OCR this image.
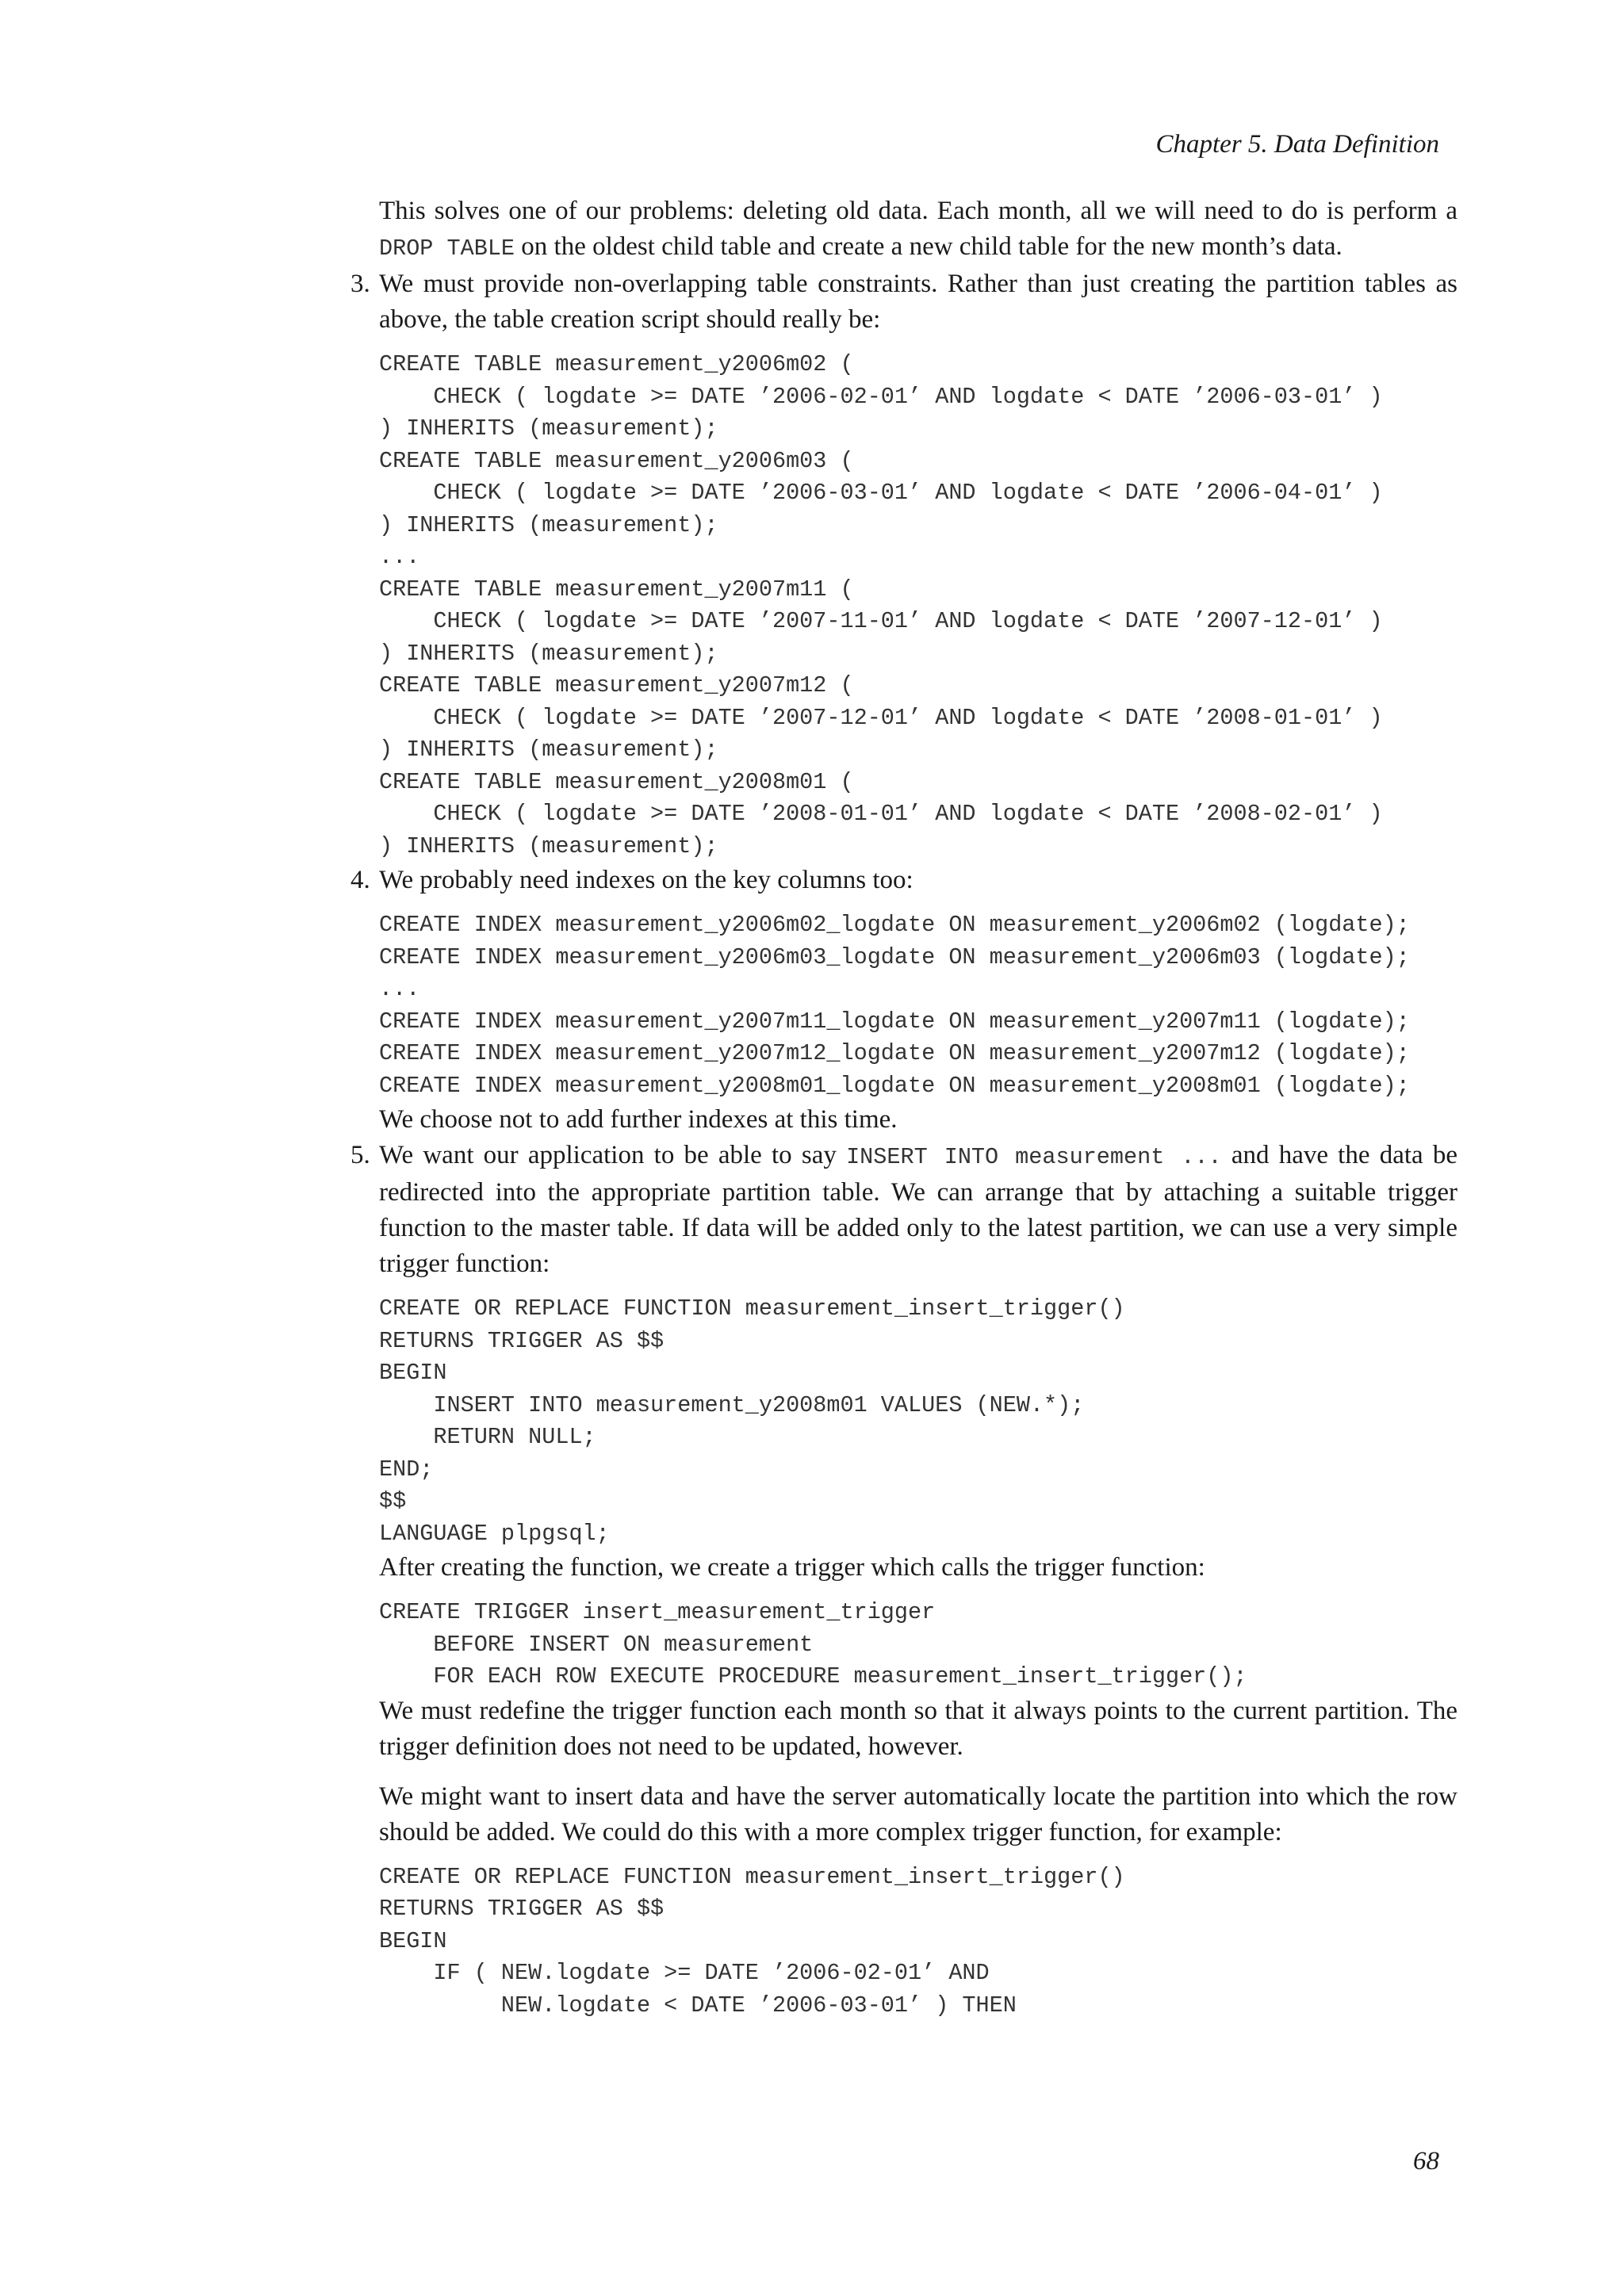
Chapter 5. Data Definition

This solves one of our problems: deleting old data. Each month, all we will need to do is perform a DROP TABLE on the oldest child table and create a new child table for the new month’s data.

3. We must provide non-overlapping table constraints. Rather than just creating the partition tables as above, the table creation script should really be:

CREATE TABLE measurement_y2006m02 (
CHECK ( logdate >= DATE ’2006-02-01’ AND logdate < DATE ’2006-03-01’ )
) INHERITS (measurement);
CREATE TABLE measurement_y2006m03 (
CHECK ( logdate >= DATE ’2006-03-01’ AND logdate < DATE ’2006-04-01’ )
) INHERITS (measurement);
...
CREATE TABLE measurement_y2007m11 (
CHECK ( logdate >= DATE ’2007-11-01’ AND logdate < DATE ’2007-12-01’ )
) INHERITS (measurement);
CREATE TABLE measurement_y2007m12 (
CHECK ( logdate >= DATE ’2007-12-01’ AND logdate < DATE ’2008-01-01’ )
) INHERITS (measurement);
CREATE TABLE measurement_y2008m01 (
CHECK ( logdate >= DATE ’2008-01-01’ AND logdate < DATE ’2008-02-01’ )
) INHERITS (measurement);
4. We probably need indexes on the key columns too:

CREATE INDEX measurement_y2006m02_logdate ON measurement_y2006m02 (logdate);
CREATE INDEX measurement_y2006m03_logdate ON measurement_y2006m03 (logdate);
...
CREATE INDEX measurement_y2007m11_logdate ON measurement_y2007m11 (logdate);
CREATE INDEX measurement_y2007m12_logdate ON measurement_y2007m12 (logdate);
CREATE INDEX measurement_y2008m01_logdate ON measurement_y2008m01 (logdate);

We choose not to add further indexes at this time.

5. We want our application to be able to say INSERT INTO measurement ... and have the data be redirected into the appropriate partition table. We can arrange that by attaching a suitable trigger function to the master table. If data will be added only to the latest partition, we can use a very simple trigger function:

CREATE OR REPLACE FUNCTION measurement_insert_trigger()
RETURNS TRIGGER AS $$
BEGIN
INSERT INTO measurement_y2008m01 VALUES (NEW.*);
RETURN NULL;
END;
$$
LANGUAGE plpgsql;

After creating the function, we create a trigger which calls the trigger function:

CREATE TRIGGER insert_measurement_trigger
BEFORE INSERT ON measurement
FOR EACH ROW EXECUTE PROCEDURE measurement_insert_trigger();

We must redefine the trigger function each month so that it always points to the current partition. The trigger definition does not need to be updated, however.

We might want to insert data and have the server automatically locate the partition into which the row should be added. We could do this with a more complex trigger function, for example:

CREATE OR REPLACE FUNCTION measurement_insert_trigger()
RETURNS TRIGGER AS $$
BEGIN
IF ( NEW.logdate >= DATE ’2006-02-01’ AND
NEW.logdate < DATE ’2006-03-01’ ) THEN
68
